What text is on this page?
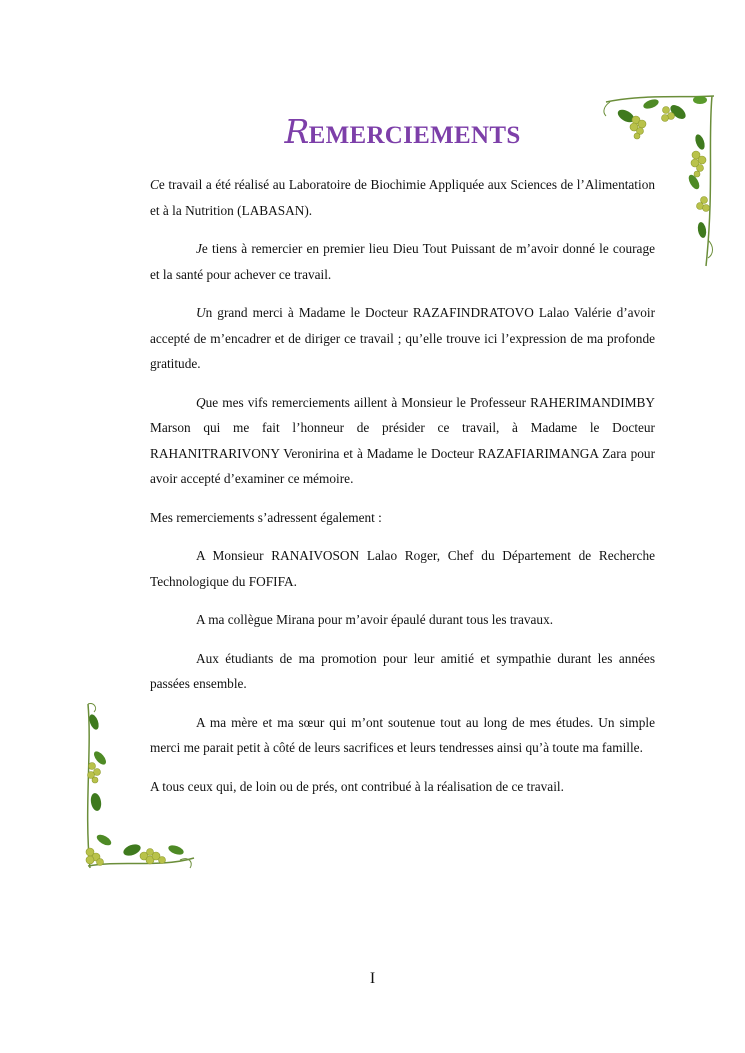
REMERCIEMENTS

Ce travail a été réalisé au Laboratoire de Biochimie Appliquée aux Sciences de l’Alimentation et à la Nutrition (LABASAN).

Je tiens à remercier en premier lieu Dieu Tout Puissant de m’avoir donné le courage et la santé pour achever ce travail.

Un grand merci à Madame le Docteur RAZAFINDRATOVO Lalao Valérie d’avoir accepté de m’encadrer et de diriger ce travail ; qu’elle trouve ici l’expression de ma profonde gratitude.

Que mes vifs remerciements aillent à Monsieur le Professeur RAHERIMANDIMBY Marson qui me fait l’honneur de présider ce travail, à Madame le Docteur RAHANITRARIVONY Veronirina et à Madame le Docteur RAZAFIARIMANGA Zara pour avoir accepté d’examiner ce mémoire.

Mes remerciements s’adressent également :

A Monsieur RANAIVOSON Lalao Roger, Chef du Département de Recherche Technologique du FOFIFA.

A ma collègue Mirana pour m’avoir épaulé durant tous les travaux.

Aux étudiants de ma promotion pour leur amitié et sympathie durant les années passées ensemble.

A ma mère et ma sœur qui m’ont soutenue tout au long de mes études. Un simple merci me parait petit à côté de leurs sacrifices et leurs tendresses ainsi qu’à toute ma famille.

A tous ceux qui, de loin ou de prés, ont contribué à la réalisation de ce travail.

I
